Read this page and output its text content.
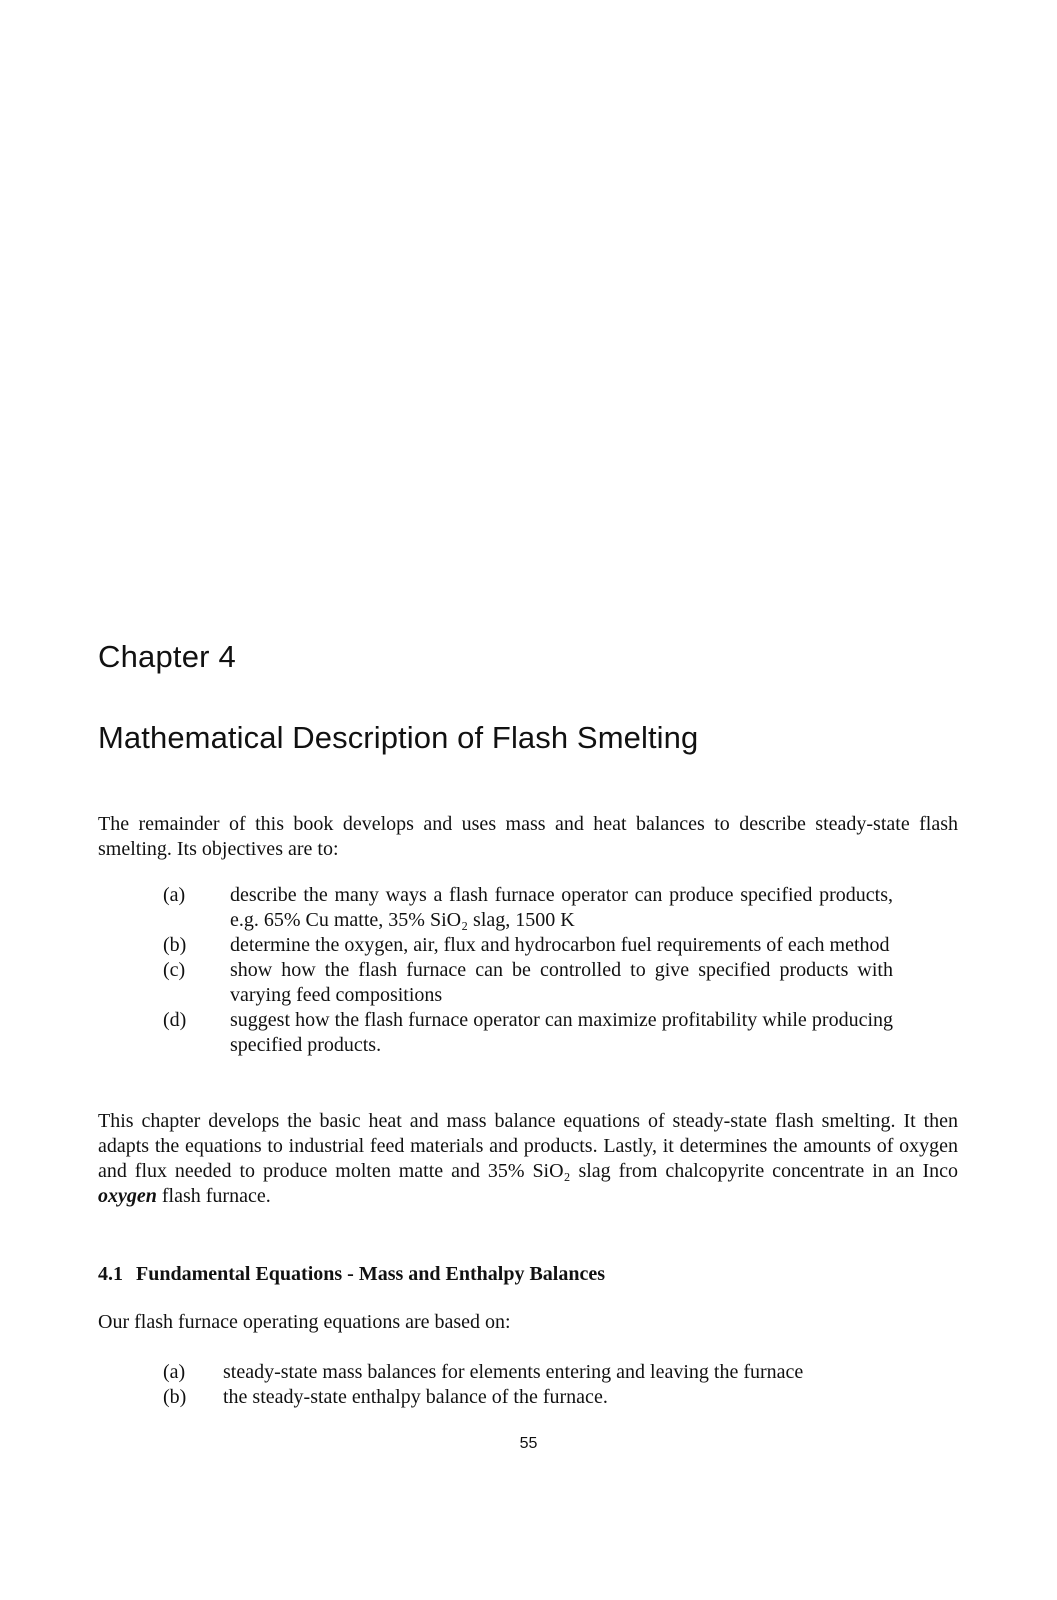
Chapter 4
Mathematical Description of Flash Smelting

The remainder of this book develops and uses mass and heat balances to describe steady-state flash smelting. Its objectives are to:

(a)	describe the many ways a flash furnace operator can produce specified products, e.g. 65% Cu matte, 35% SiO₂ slag, 1500 K
(b)	determine the oxygen, air, flux and hydrocarbon fuel requirements of each method
(c)	show how the flash furnace can be controlled to give specified products with varying feed compositions
(d)	suggest how the flash furnace operator can maximize profitability while producing specified products.

This chapter develops the basic heat and mass balance equations of steady-state flash smelting. It then adapts the equations to industrial feed materials and products. Lastly, it determines the amounts of oxygen and flux needed to produce molten matte and 35% SiO₂ slag from chalcopyrite concentrate in an Inco oxygen flash furnace.

4.1 Fundamental Equations - Mass and Enthalpy Balances

Our flash furnace operating equations are based on:

(a)	steady-state mass balances for elements entering and leaving the furnace
(b)	the steady-state enthalpy balance of the furnace.
55
